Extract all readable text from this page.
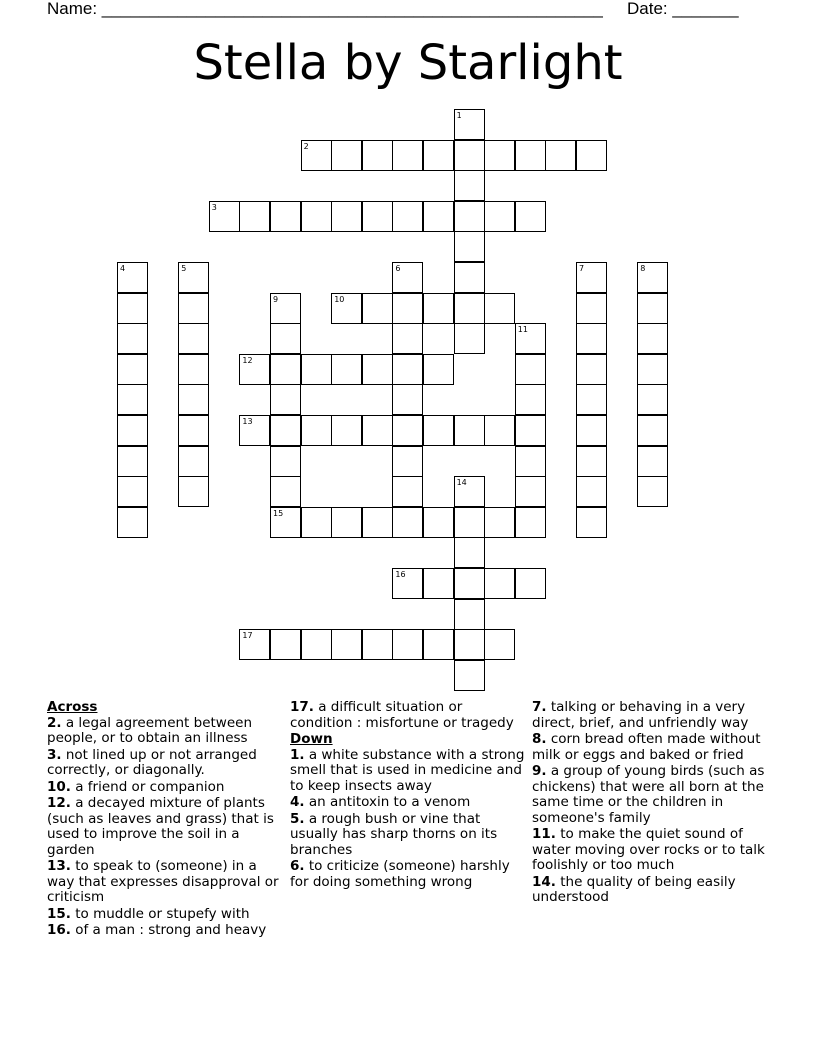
Name: _____________________________________________________ Date: _______
Stella by Starlight
1
2
3
4	5	6	7	8
9	10
11
12
13
14
15
16
17
Across
2. a legal agreement between people, or to obtain an illness
3. not lined up or not arranged correctly, or diagonally.
10. a friend or companion
12. a decayed mixture of plants (such as leaves and grass) that is used to improve the soil in a garden
13. to speak to (someone) in a way that expresses disapproval or criticism
15. to muddle or stupefy with
16. of a man : strong and heavy
17. a difficult situation or condition : misfortune or tragedy
Down
1. a white substance with a strong smell that is used in medicine and to keep insects away
4. an antitoxin to a venom
5. a rough bush or vine that usually has sharp thorns on its branches
6. to criticize (someone) harshly for doing something wrong
7. talking or behaving in a very direct, brief, and unfriendly way
8. corn bread often made without milk or eggs and baked or fried
9. a group of young birds (such as chickens) that were all born at the same time or the children in someone's family
11. to make the quiet sound of water moving over rocks or to talk foolishly or too much
14. the quality of being easily understood
